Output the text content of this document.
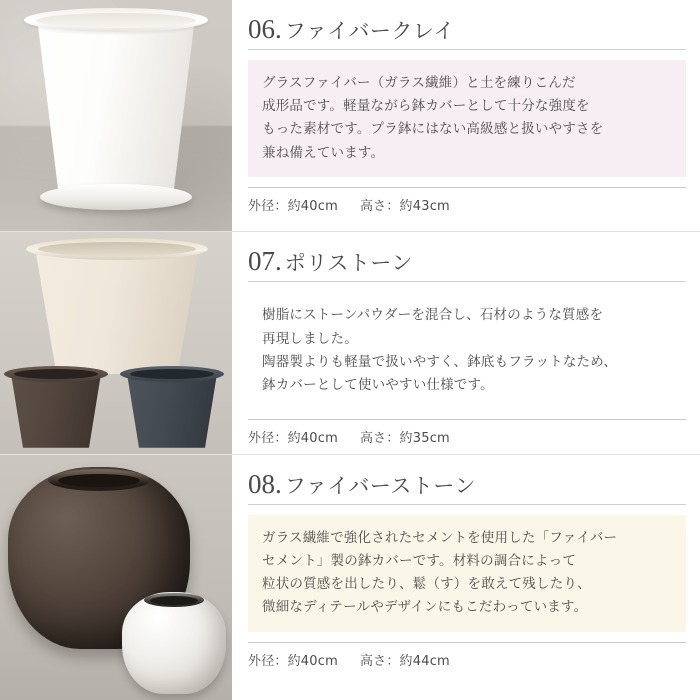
06 . ファイバークレイ

グラスファイバー（ガラス繊維）と土を練りこんだ

成形品です。軽量ながら鉢カバーとして十分な強度を

もった素材です。プラ鉢にはない高級感と扱いやすさを

兼ね備えています。

外径：約40cm 高さ：約43cm
07 . ポリストーン

樹脂にストーンパウダーを混合し、石材のような質感を

再現しました。

陶器製よりも軽量で扱いやすく、鉢底もフラットなため、

鉢カバーとして使いやすい仕様です。

外径：約40cm 高さ：約35cm
08 . ファイバーストーン

ガラス繊維で強化されたセメントを使用した「ファイバー

セメント」製の鉢カバーです。材料の調合によって

粒状の質感を出したり、鬆（す）を敢えて残したり、

微細なディテールやデザインにもこだわっています。

外径：約40cm 高さ：約44cm
